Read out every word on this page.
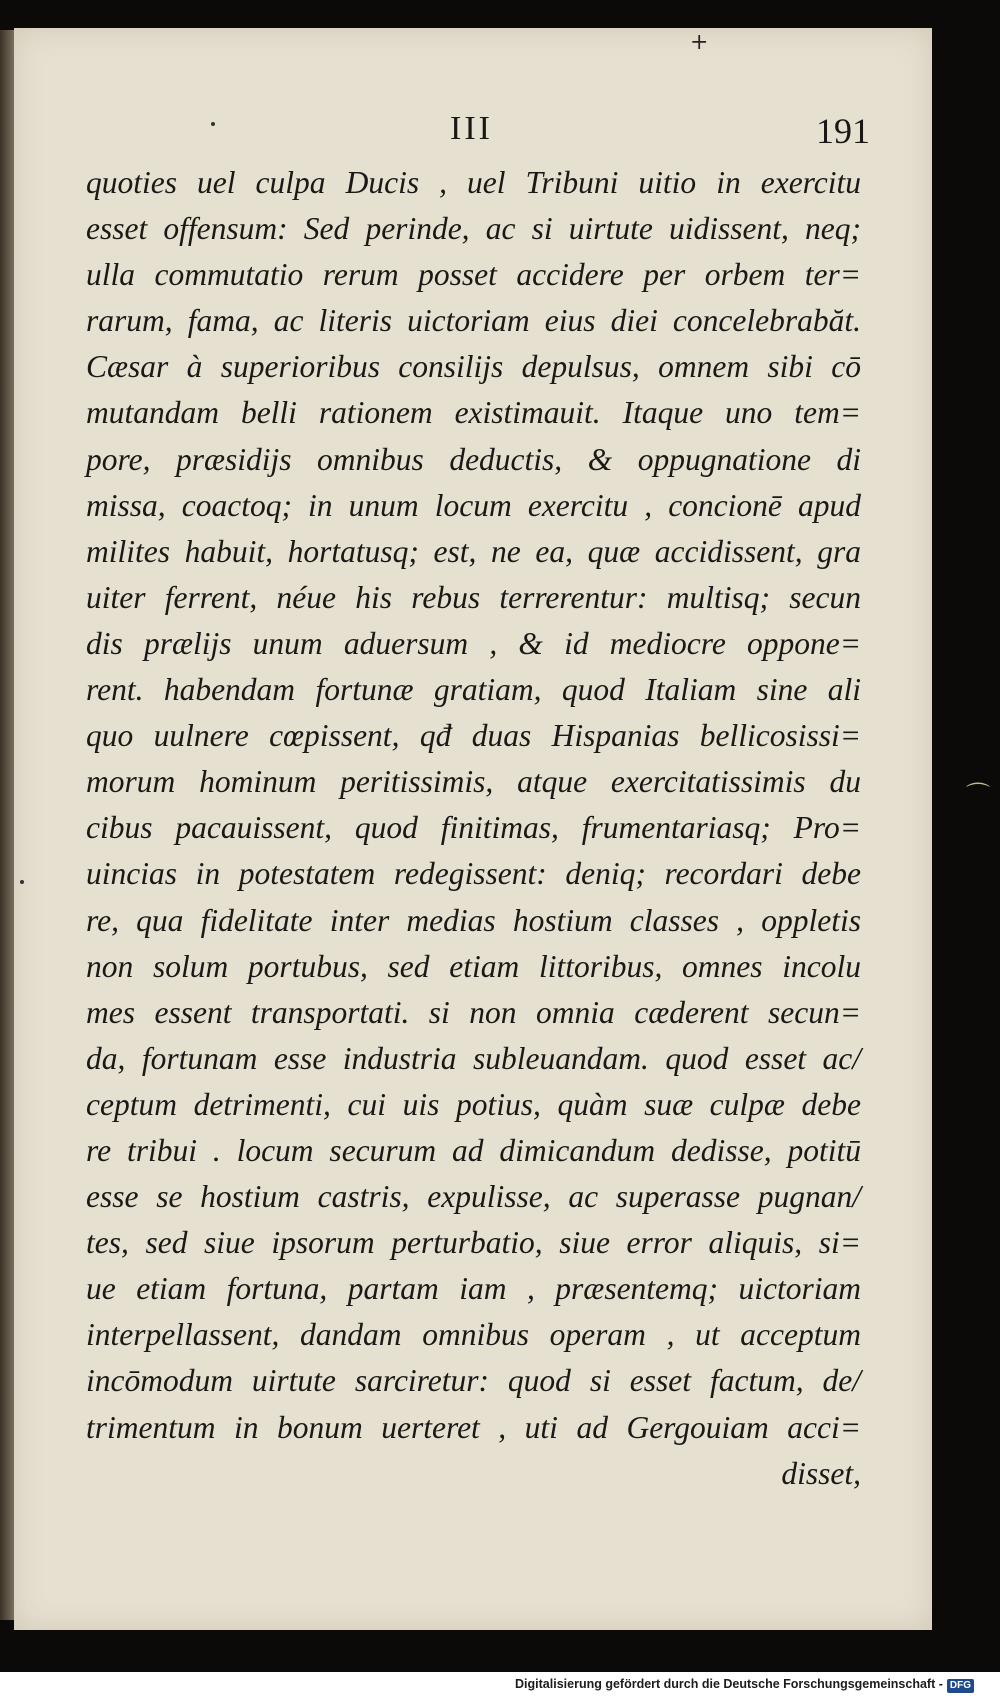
+
⌒
III	191
quoties uel culpa Ducis , uel Tribuni uitio in exercitu
esset offensum: Sed perinde, ac si uirtute uidissent, neq;
ulla commutatio rerum posset accidere per orbem ter=
rarum, fama, ac literis uictoriam eius diei concelebrabăt.
Cæsar à superioribus consilijs depulsus, omnem sibi cō
mutandam belli rationem existimauit. Itaque uno tem=
pore, præsidijs omnibus deductis, & oppugnatione di
missa, coactoq; in unum locum exercitu , concionē apud
milites habuit, hortatusq; est, ne ea, quæ accidissent, gra
uiter ferrent, néue his rebus terrerentur: multisq; secun
dis prælijs unum aduersum , & id mediocre oppone=
rent. habendam fortunæ gratiam, quod Italiam sine ali
quo uulnere cœpissent, qđ duas Hispanias bellicosissi=
morum hominum peritissimis, atque exercitatissimis du
cibus pacauissent, quod finitimas, frumentariasq; Pro=
uincias in potestatem redegissent: deniq; recordari debe
re, qua fidelitate inter medias hostium classes , oppletis
non solum portubus, sed etiam littoribus, omnes incolu
mes essent transportati. si non omnia cæderent secun=
da, fortunam esse industria subleuandam. quod esset ac/
ceptum detrimenti, cui uis potius, quàm suæ culpæ debe
re tribui . locum securum ad dimicandum dedisse, potitū
esse se hostium castris, expulisse, ac superasse pugnan/
tes, sed siue ipsorum perturbatio, siue error aliquis, si=
ue etiam fortuna, partam iam , præsentemq; uictoriam
interpellassent, dandam omnibus operam , ut acceptum
incōmodum uirtute sarciretur: quod si esset factum, de/
trimentum in bonum uerteret , uti ad Gergouiam acci=
disset,
Digitalisierung gefördert durch die Deutsche Forschungsgemeinschaft - DFG
